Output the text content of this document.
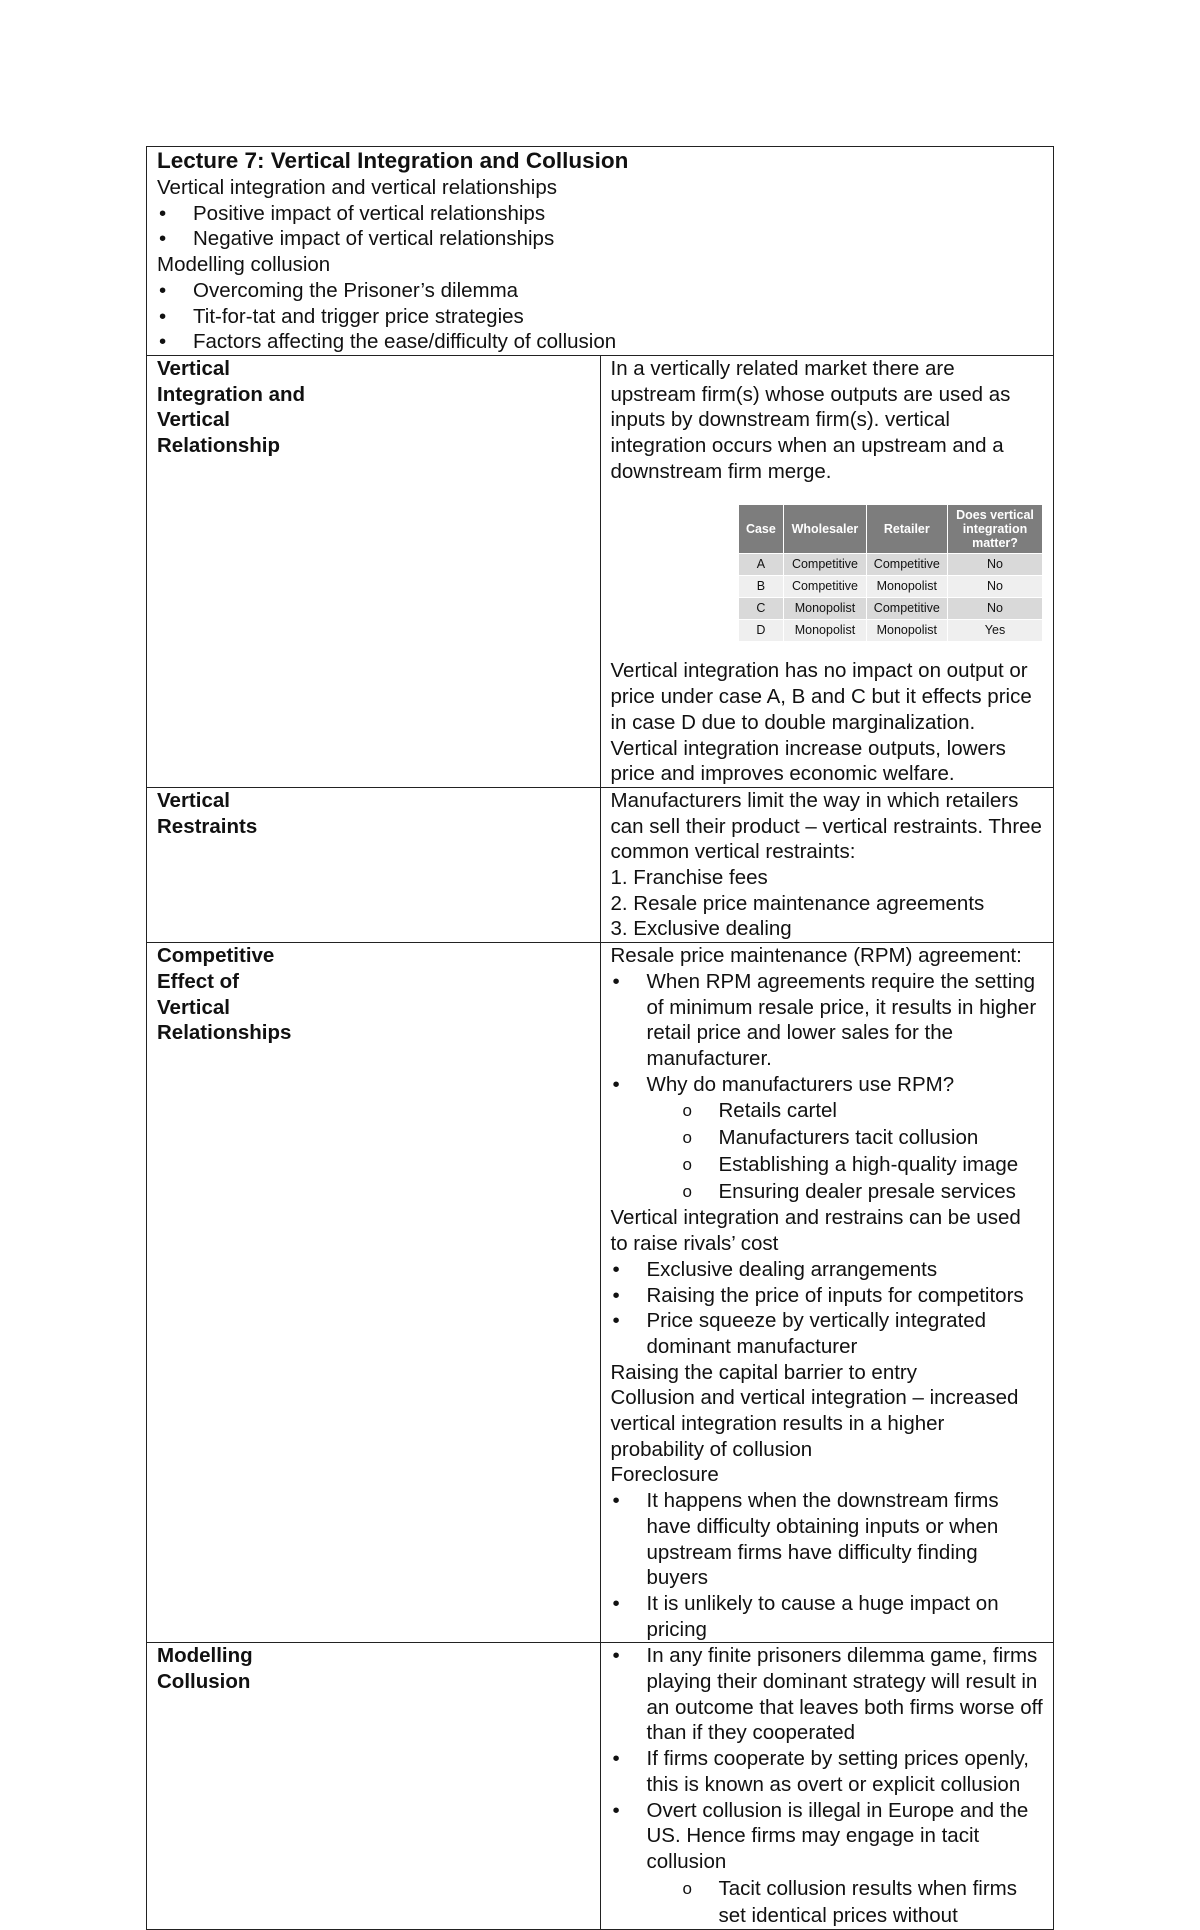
Lecture 7: Vertical Integration and Collusion
Vertical integration and vertical relationships
• Positive impact of vertical relationships
• Negative impact of vertical relationships
Modelling collusion
• Overcoming the Prisoner’s dilemma
• Tit-for-tat and trigger price strategies
• Factors affecting the ease/difficulty of collusion

Vertical
Integration and
Vertical
Relationship

In a vertically related market there are upstream firm(s) whose outputs are used as inputs by downstream firm(s). vertical integration occurs when an upstream and a downstream firm merge.
Case	Wholesaler	Retailer	Does vertical integration matter?
A	Competitive	Competitive	No
B	Competitive	Monopolist	No
C	Monopolist	Competitive	No
D	Monopolist	Monopolist	Yes
Vertical integration has no impact on output or price under case A, B and C but it effects price in case D due to double marginalization. Vertical integration increase outputs, lowers price and improves economic welfare.

Vertical
Restraints

Manufacturers limit the way in which retailers can sell their product – vertical restraints. Three common vertical restraints:
1. Franchise fees
2. Resale price maintenance agreements
3. Exclusive dealing

Competitive
Effect of
Vertical
Relationships

Resale price maintenance (RPM) agreement:
• When RPM agreements require the setting of minimum resale price, it results in higher retail price and lower sales for the manufacturer.
• Why do manufacturers use RPM?
o Retails cartel
o Manufacturers tacit collusion
o Establishing a high-quality image
o Ensuring dealer presale services
Vertical integration and restrains can be used to raise rivals’ cost
• Exclusive dealing arrangements
• Raising the price of inputs for competitors
• Price squeeze by vertically integrated dominant manufacturer
Raising the capital barrier to entry
Collusion and vertical integration – increased vertical integration results in a higher probability of collusion
Foreclosure
• It happens when the downstream firms have difficulty obtaining inputs or when upstream firms have difficulty finding buyers
• It is unlikely to cause a huge impact on pricing

Modelling
Collusion

• In any finite prisoners dilemma game, firms playing their dominant strategy will result in an outcome that leaves both firms worse off than if they cooperated
• If firms cooperate by setting prices openly, this is known as overt or explicit collusion
• Overt collusion is illegal in Europe and the US. Hence firms may engage in tacit collusion
o Tacit collusion results when firms set identical prices without
